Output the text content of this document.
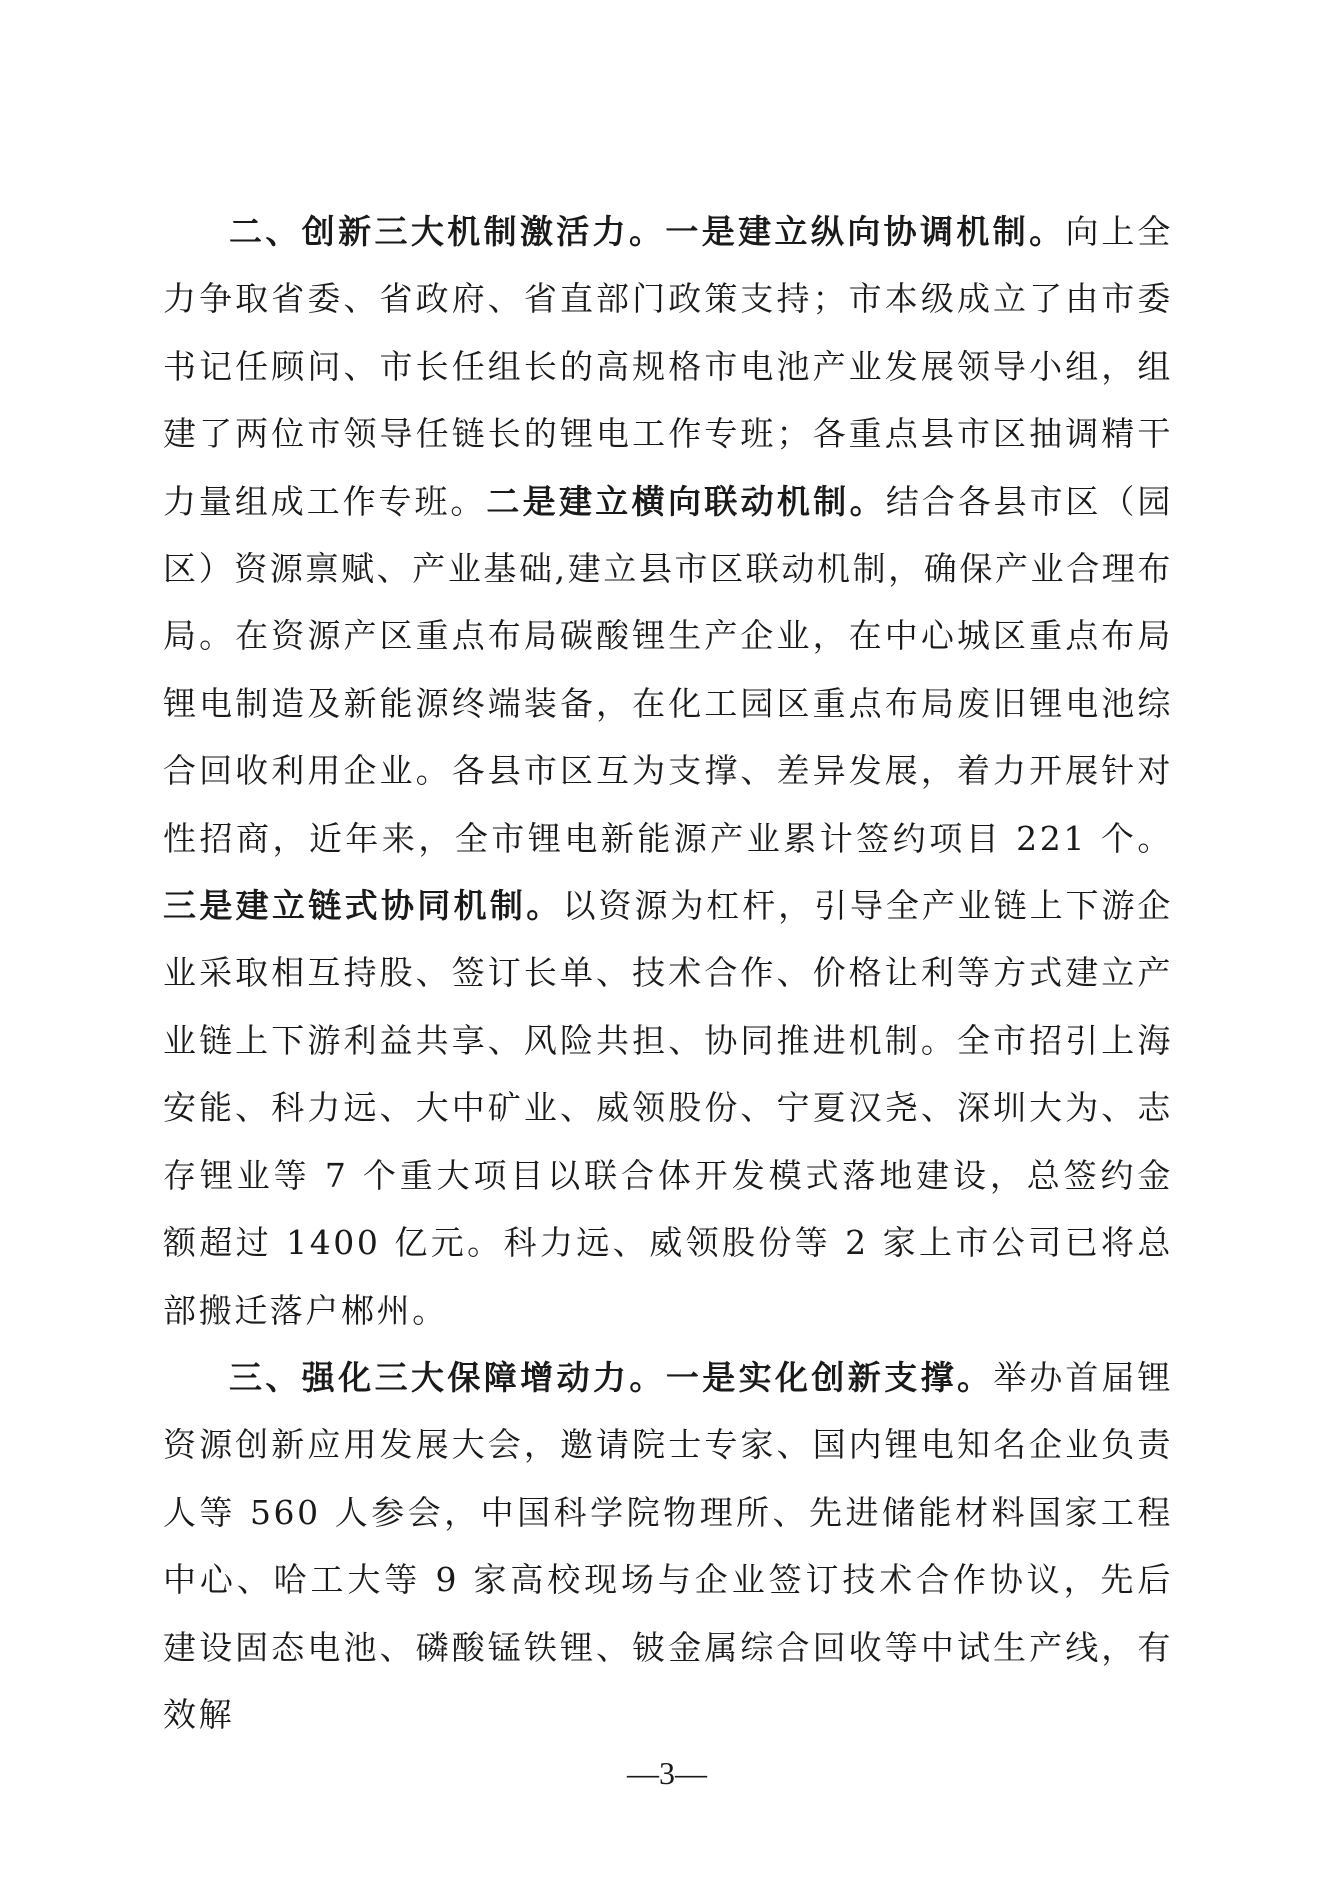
二、创新三大机制激活力。一是建立纵向协调机制。向上全力争取省委、省政府、省直部门政策支持；市本级成立了由市委书记任顾问、市长任组长的高规格市电池产业发展领导小组，组建了两位市领导任链长的锂电工作专班；各重点县市区抽调精干力量组成工作专班。二是建立横向联动机制。结合各县市区（园区）资源禀赋、产业基础,建立县市区联动机制，确保产业合理布局。在资源产区重点布局碳酸锂生产企业，在中心城区重点布局锂电制造及新能源终端装备，在化工园区重点布局废旧锂电池综合回收利用企业。各县市区互为支撑、差异发展，着力开展针对性招商，近年来，全市锂电新能源产业累计签约项目 221 个。三是建立链式协同机制。以资源为杠杆，引导全产业链上下游企业采取相互持股、签订长单、技术合作、价格让利等方式建立产业链上下游利益共享、风险共担、协同推进机制。全市招引上海安能、科力远、大中矿业、威领股份、宁夏汉尧、深圳大为、志存锂业等 7 个重大项目以联合体开发模式落地建设，总签约金额超过 1400 亿元。科力远、威领股份等 2 家上市公司已将总部搬迁落户郴州。

三、强化三大保障增动力。一是实化创新支撑。举办首届锂资源创新应用发展大会，邀请院士专家、国内锂电知名企业负责人等 560 人参会，中国科学院物理所、先进储能材料国家工程中心、哈工大等 9 家高校现场与企业签订技术合作协议，先后建设固态电池、磷酸锰铁锂、铍金属综合回收等中试生产线，有效解

—3—
